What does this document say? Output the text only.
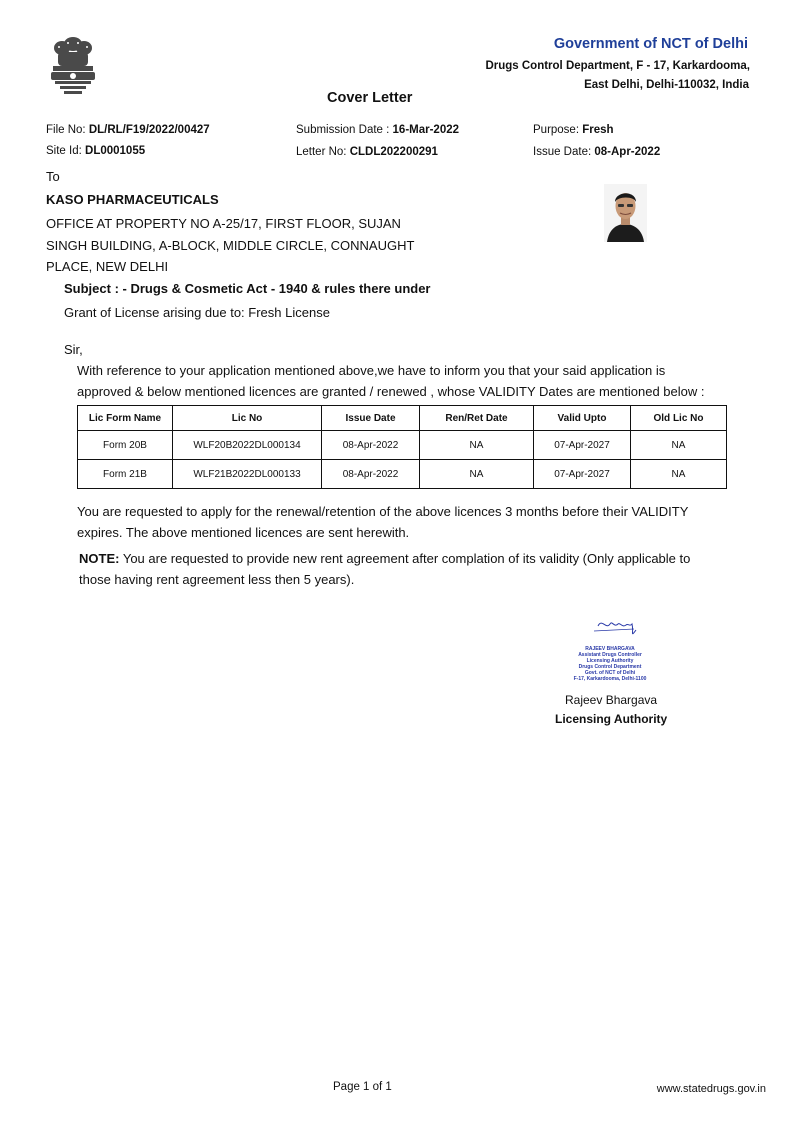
Government of NCT of Delhi
Drugs Control Department, F - 17, Karkardooma,
East Delhi, Delhi-110032, India
Cover Letter
File No: DL/RL/F19/2022/00427
Site Id: DL0001055
Submission Date : 16-Mar-2022
Letter No: CLDL202200291
Purpose: Fresh
Issue Date: 08-Apr-2022
To
KASO PHARMACEUTICALS
OFFICE AT PROPERTY NO A-25/17, FIRST FLOOR, SUJAN
SINGH BUILDING, A-BLOCK, MIDDLE CIRCLE, CONNAUGHT
PLACE, NEW DELHI
Subject : - Drugs & Cosmetic Act - 1940 & rules there under
Grant of License arising due to: Fresh License
Sir,
With reference to your application mentioned above,we have to inform you that your said application is
approved & below mentioned licences are granted / renewed , whose VALIDITY Dates are mentioned below :
Lic Form Name	Lic No	Issue Date	Ren/Ret Date	Valid Upto	Old Lic No
Form 20B	WLF20B2022DL000134	08-Apr-2022	NA	07-Apr-2027	NA
Form 21B	WLF21B2022DL000133	08-Apr-2022	NA	07-Apr-2027	NA
You are requested to apply for the renewal/retention of the above licences 3 months before their VALIDITY
expires. The above mentioned licences are sent herewith.
NOTE: You are requested to provide new rent agreement after complation of its validity (Only applicable to
those having rent agreement less then 5 years).
RAJEEV BHARGAVA
Assistant Drugs Controller
Licensing Authority
Drugs Control Department
Govt. of NCT of Delhi
F-17, Karkardooma, Delhi-1100
Rajeev Bhargava
Licensing Authority
Page 1 of 1	www.statedrugs.gov.in
